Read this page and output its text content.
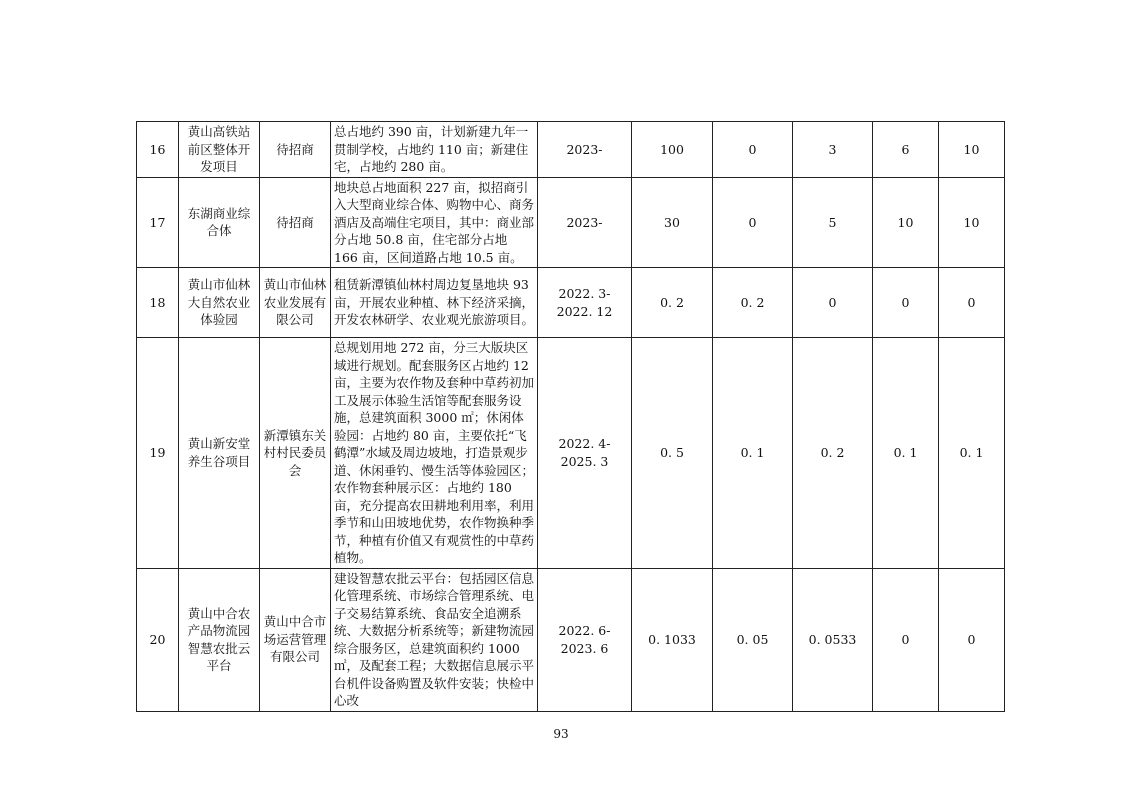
16	黄山高铁站前区整体开发项目	待招商	总占地约 390 亩，计划新建九年一贯制学校，占地约 110 亩；新建住宅，占地约 280 亩。	2023-	100	0	3	6	10
17	东湖商业综合体	待招商	地块总占地面积 227 亩，拟招商引入大型商业综合体、购物中心、商务酒店及高端住宅项目，其中：商业部分占地 50.8 亩，住宅部分占地 166 亩，区间道路占地 10.5 亩。	2023-	30	0	5	10	10
18	黄山市仙林大自然农业体验园	黄山市仙林农业发展有限公司	租赁新潭镇仙林村周边复垦地块 93 亩，开展农业种植、林下经济采摘，开发农林研学、农业观光旅游项目。	2022. 3-2022. 12	0. 2	0. 2	0	0	0
19	黄山新安堂养生谷项目	新潭镇东关村村民委员会	总规划用地 272 亩，分三大版块区域进行规划。配套服务区占地约 12 亩，主要为农作物及套种中草药初加工及展示体验生活馆等配套服务设施，总建筑面积 3000 ㎡；休闲体验园：占地约 80 亩，主要依托“飞鹤潭”水域及周边坡地，打造景观步道、休闲垂钓、慢生活等体验园区；农作物套种展示区：占地约 180 亩，充分提高农田耕地利用率，利用季节和山田坡地优势，农作物换种季节，种植有价值又有观赏性的中草药植物。	2022. 4-2025. 3	0. 5	0. 1	0. 2	0. 1	0. 1
20	黄山中合农产品物流园智慧农批云平台	黄山中合市场运营管理有限公司	建设智慧农批云平台：包括园区信息化管理系统、市场综合管理系统、电子交易结算系统、食品安全追溯系统、大数据分析系统等；新建物流园综合服务区，总建筑面积约 1000 ㎡，及配套工程；大数据信息展示平台机件设备购置及软件安装；快检中心改	2022. 6-2023. 6	0. 1033	0. 05	0. 0533	0	0
93
